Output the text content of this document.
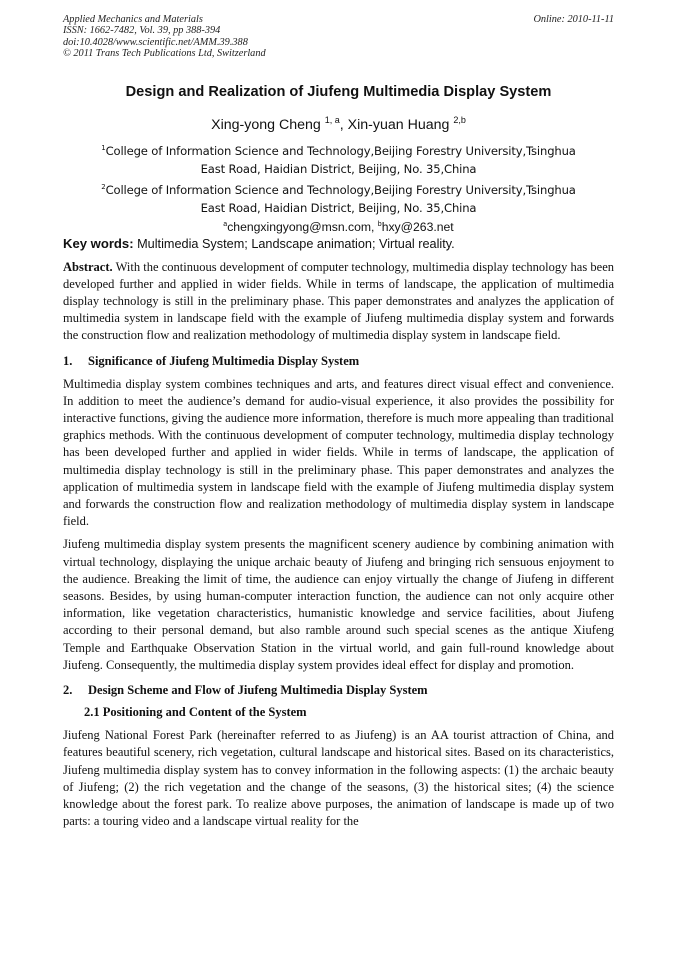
Applied Mechanics and Materials	Online: 2010-11-11
ISSN: 1662-7482, Vol. 39, pp 388-394
doi:10.4028/www.scientific.net/AMM.39.388
© 2011 Trans Tech Publications Ltd, Switzerland
Design and Realization of Jiufeng Multimedia Display System
Xing-yong Cheng $^{1, a}$, Xin-yuan Huang $^{2,b}$
$^1$College of Information Science and Technology,Beijing Forestry University,Tsinghua
East Road, Haidian District, Beijing, No. 35,China
$^2$College of Information Science and Technology,Beijing Forestry University,Tsinghua
East Road, Haidian District, Beijing, No. 35,China
$^a$chengxingyong@msn.com, $^b$hxy@263.net
Key words: Multimedia System; Landscape animation; Virtual reality.
Abstract. With the continuous development of computer technology, multimedia display technology has been developed further and applied in wider fields. While in terms of landscape, the application of multimedia display technology is still in the preliminary phase. This paper demonstrates and analyzes the application of multimedia system in landscape field with the example of Jiufeng multimedia display system and forwards the construction flow and realization methodology of multimedia display system in landscape field.
1. Significance of Jiufeng Multimedia Display System
Multimedia display system combines techniques and arts, and features direct visual effect and convenience. In addition to meet the audience’s demand for audio-visual experience, it also provides the possibility for interactive functions, giving the audience more information, therefore is much more appealing than traditional graphics methods. With the continuous development of computer technology, multimedia display technology has been developed further and applied in wider fields. While in terms of landscape, the application of multimedia display technology is still in the preliminary phase. This paper demonstrates and analyzes the application of multimedia system in landscape field with the example of Jiufeng multimedia display system and forwards the construction flow and realization methodology of multimedia display system in landscape field.
Jiufeng multimedia display system presents the magnificent scenery audience by combining animation with virtual technology, displaying the unique archaic beauty of Jiufeng and bringing rich sensuous enjoyment to the audience. Breaking the limit of time, the audience can enjoy virtually the change of Jiufeng in different seasons. Besides, by using human-computer interaction function, the audience can not only acquire other information, like vegetation characteristics, humanistic knowledge and service facilities, about Jiufeng according to their personal demand, but also ramble around such special scenes as the antique Xiufeng Temple and Earthquake Observation Station in the virtual world, and gain full-round knowledge about Jiufeng. Consequently, the multimedia display system provides ideal effect for display and promotion.
2. Design Scheme and Flow of Jiufeng Multimedia Display System
2.1 Positioning and Content of the System
Jiufeng National Forest Park (hereinafter referred to as Jiufeng) is an AA tourist attraction of China, and features beautiful scenery, rich vegetation, cultural landscape and historical sites. Based on its characteristics, Jiufeng multimedia display system has to convey information in the following aspects: (1) the archaic beauty of Jiufeng; (2) the rich vegetation and the change of the seasons, (3) the historical sites; (4) the science knowledge about the forest park. To realize above purposes, the animation of landscape is made up of two parts: a touring video and a landscape virtual reality for the
